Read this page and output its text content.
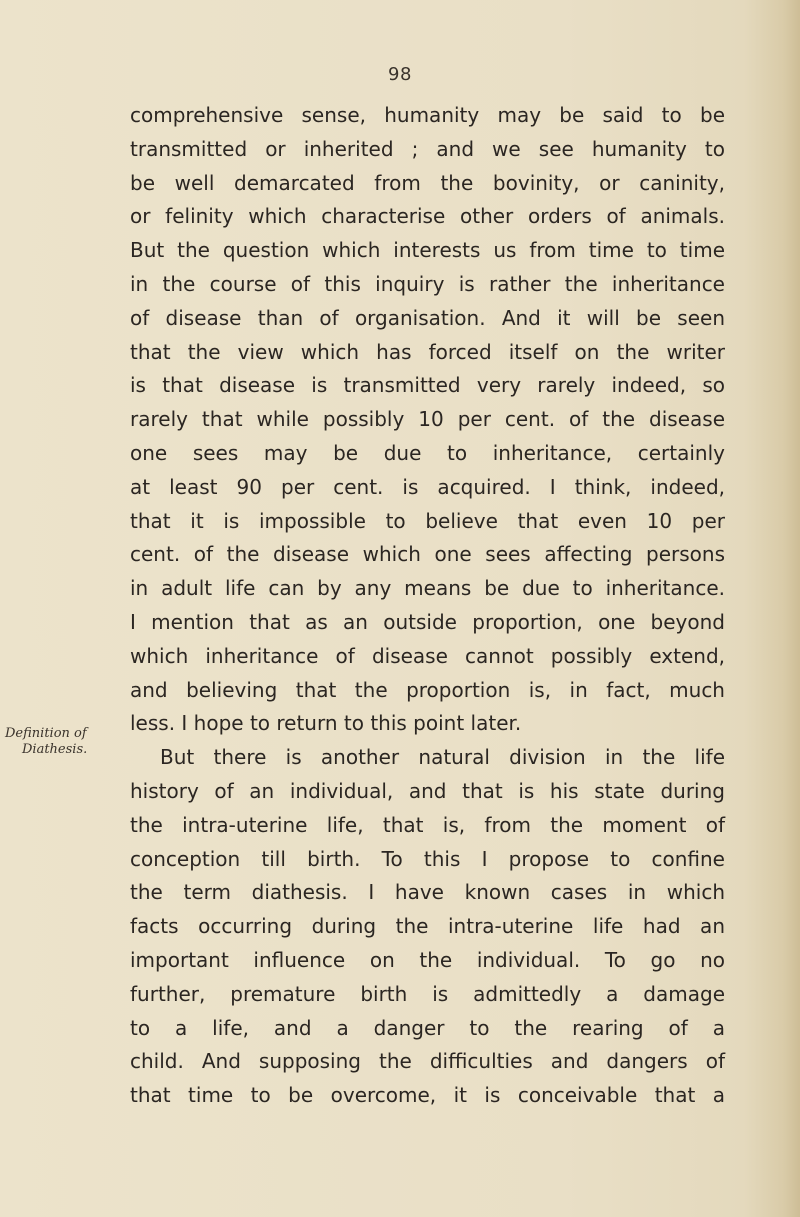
98
Definition of
Diathesis.
comprehensive sense, humanity may be said to be
transmitted or inherited ; and we see humanity to
be well demarcated from the bovinity, or caninity,
or felinity which characterise other orders of animals.
But the question which interests us from time to time
in the course of this inquiry is rather the inheritance
of disease than of organisation. And it will be seen
that the view which has forced itself on the writer
is that disease is transmitted very rarely indeed, so
rarely that while possibly 10 per cent. of the disease
one sees may be due to inheritance, certainly
at least 90 per cent. is acquired. I think, indeed,
that it is impossible to believe that even 10 per
cent. of the disease which one sees affecting persons
in adult life can by any means be due to inheritance.
I mention that as an outside proportion, one beyond
which inheritance of disease cannot possibly extend,
and believing that the proportion is, in fact, much
less. I hope to return to this point later.
But there is another natural division in the life
history of an individual, and that is his state during
the intra-uterine life, that is, from the moment of
conception till birth. To this I propose to confine
the term diathesis. I have known cases in which
facts occurring during the intra-uterine life had an
important influence on the individual. To go no
further, premature birth is admittedly a damage
to a life, and a danger to the rearing of a
child. And supposing the difficulties and dangers of
that time to be overcome, it is conceivable that a
